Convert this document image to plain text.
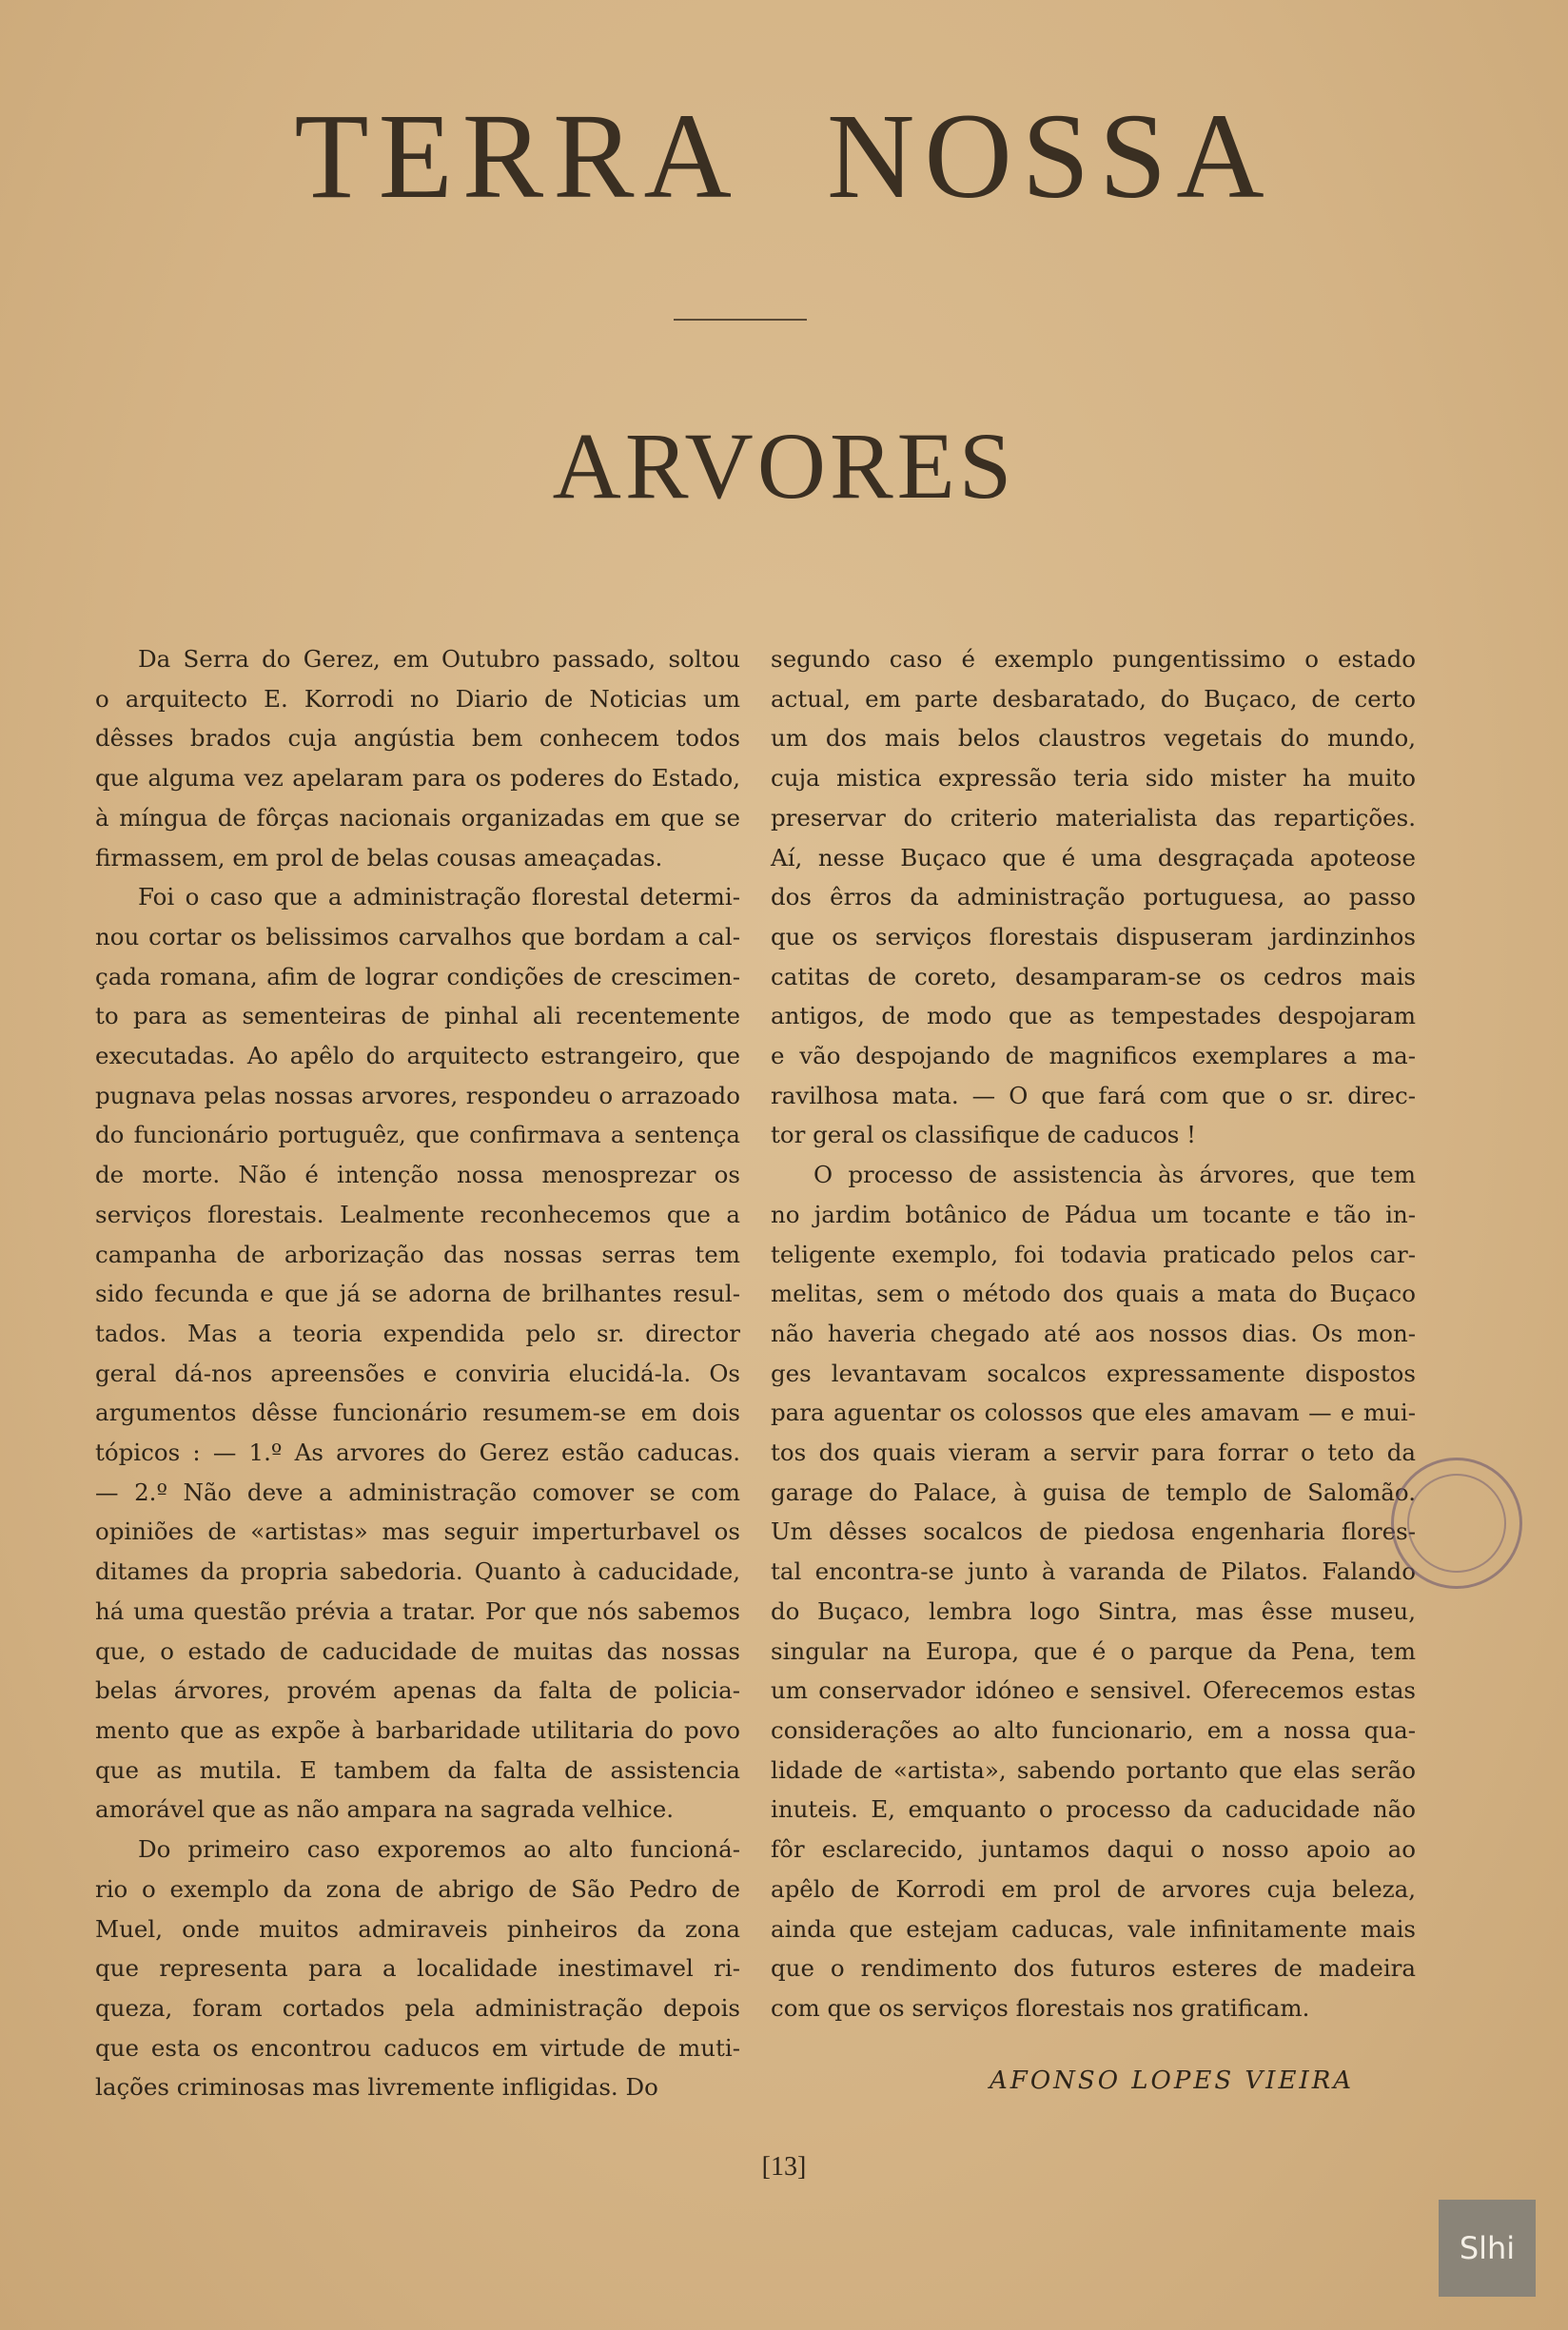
TERRA NOSSA
ARVORES

Da Serra do Gerez, em Outubro passado, soltou
o arquitecto E. Korrodi no Diario de Noticias um
dêsses brados cuja angústia bem conhecem todos
que alguma vez apelaram para os poderes do Estado,
à míngua de fôrças nacionais organizadas em que se
firmassem, em prol de belas cousas ameaçadas.

Foi o caso que a administração florestal determi-
nou cortar os belissimos carvalhos que bordam a cal-
çada romana, afim de lograr condições de crescimen-
to para as sementeiras de pinhal ali recentemente
executadas. Ao apêlo do arquitecto estrangeiro, que
pugnava pelas nossas arvores, respondeu o arrazoado
do funcionário portuguêz, que confirmava a sentença
de morte. Não é intenção nossa menosprezar os
serviços florestais. Lealmente reconhecemos que a
campanha de arborização das nossas serras tem
sido fecunda e que já se adorna de brilhantes resul-
tados. Mas a teoria expendida pelo sr. director
geral dá-nos apreensões e conviria elucidá-la. Os
argumentos dêsse funcionário resumem-se em dois
tópicos : — 1.º As arvores do Gerez estão caducas.
— 2.º Não deve a administração comover se com
opiniões de «artistas» mas seguir imperturbavel os
ditames da propria sabedoria. Quanto à caducidade,
há uma questão prévia a tratar. Por que nós sabemos
que, o estado de caducidade de muitas das nossas
belas árvores, provém apenas da falta de policia-
mento que as expõe à barbaridade utilitaria do povo
que as mutila. E tambem da falta de assistencia
amorável que as não ampara na sagrada velhice.

Do primeiro caso exporemos ao alto funcioná-
rio o exemplo da zona de abrigo de São Pedro de
Muel, onde muitos admiraveis pinheiros da zona
que representa para a localidade inestimavel ri-
queza, foram cortados pela administração depois
que esta os encontrou caducos em virtude de muti-
lações criminosas mas livremente infligidas. Do

segundo caso é exemplo pungentissimo o estado
actual, em parte desbaratado, do Buçaco, de certo
um dos mais belos claustros vegetais do mundo,
cuja mistica expressão teria sido mister ha muito
preservar do criterio materialista das repartições.
Aí, nesse Buçaco que é uma desgraçada apoteose
dos êrros da administração portuguesa, ao passo
que os serviços florestais dispuseram jardinzinhos
catitas de coreto, desamparam-se os cedros mais
antigos, de modo que as tempestades despojaram
e vão despojando de magnificos exemplares a ma-
ravilhosa mata. — O que fará com que o sr. direc-
tor geral os classifique de caducos !

O processo de assistencia às árvores, que tem
no jardim botânico de Pádua um tocante e tão in-
teligente exemplo, foi todavia praticado pelos car-
melitas, sem o método dos quais a mata do Buçaco
não haveria chegado até aos nossos dias. Os mon-
ges levantavam socalcos expressamente dispostos
para aguentar os colossos que eles amavam — e mui-
tos dos quais vieram a servir para forrar o teto da
garage do Palace, à guisa de templo de Salomão.
Um dêsses socalcos de piedosa engenharia flores-
tal encontra-se junto à varanda de Pilatos. Falando
do Buçaco, lembra logo Sintra, mas êsse museu,
singular na Europa, que é o parque da Pena, tem
um conservador idóneo e sensivel. Oferecemos estas
considerações ao alto funcionario, em a nossa qua-
lidade de «artista», sabendo portanto que elas serão
inuteis. E, emquanto o processo da caducidade não
fôr esclarecido, juntamos daqui o nosso apoio ao
apêlo de Korrodi em prol de arvores cuja beleza,
ainda que estejam caducas, vale infinitamente mais
que o rendimento dos futuros esteres de madeira
com que os serviços florestais nos gratificam.

AFONSO LOPES VIEIRA
[13]
Slhi
